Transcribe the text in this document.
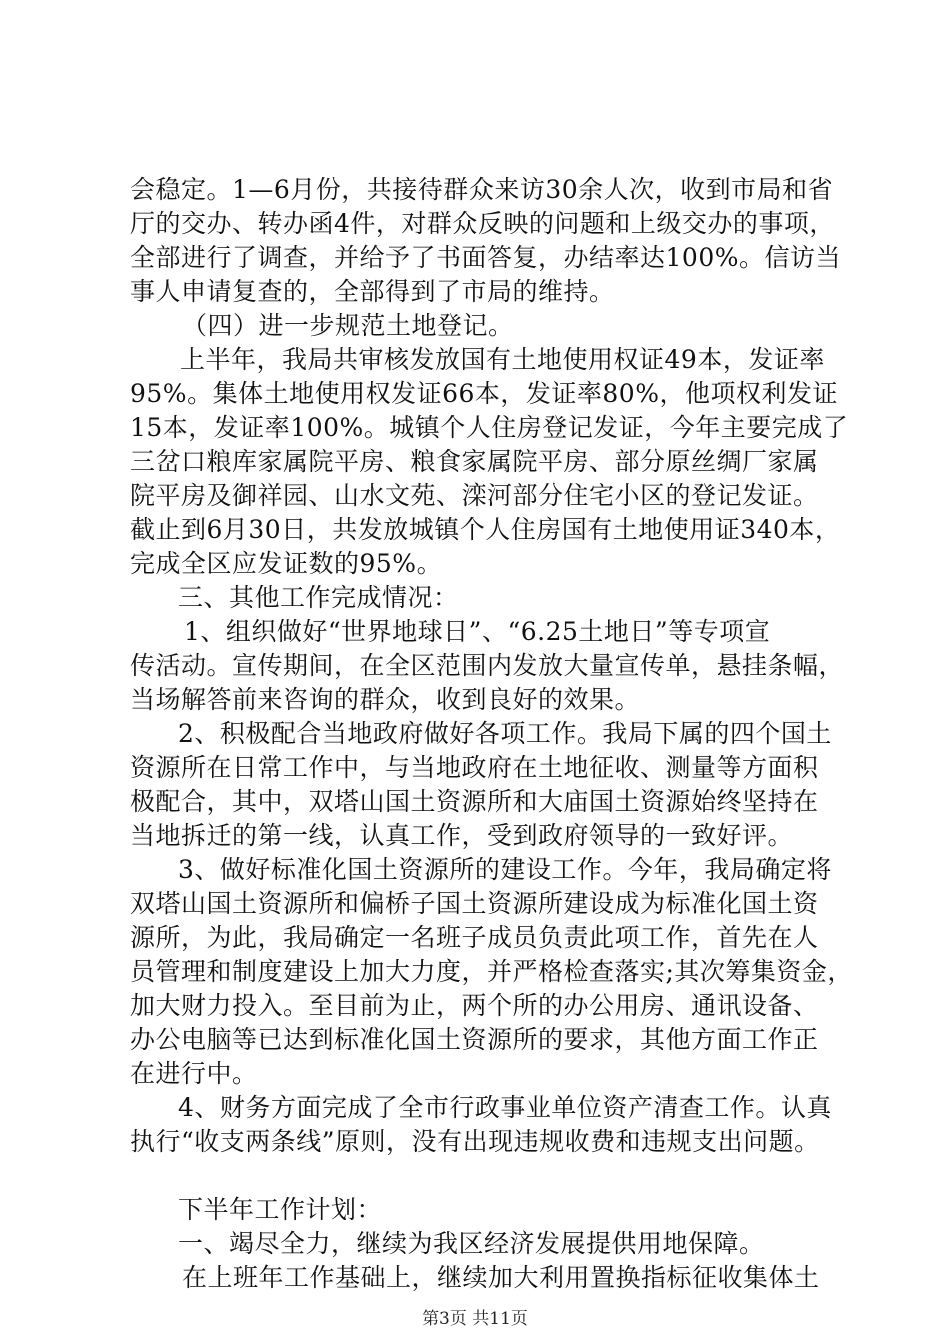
会稳定。1—6月份，共接待群众来访30余人次，收到市局和省
厅的交办、转办函4件，对群众反映的问题和上级交办的事项，
全部进行了调查，并给予了书面答复，办结率达100%。信访当
事人申请复查的，全部得到了市局的维持。
（四）进一步规范土地登记。
上半年，我局共审核发放国有土地使用权证49本，发证率
95%。集体土地使用权发证66本，发证率80%，他项权利发证
15本，发证率100%。城镇个人住房登记发证，今年主要完成了
三岔口粮库家属院平房、粮食家属院平房、部分原丝绸厂家属
院平房及御祥园、山水文苑、滦河部分住宅小区的登记发证。
截止到6月30日，共发放城镇个人住房国有土地使用证340本，
完成全区应发证数的95%。
三、其他工作完成情况：
1、组织做好“世界地球日”、“6.25土地日”等专项宣
传活动。宣传期间，在全区范围内发放大量宣传单，悬挂条幅，
当场解答前来咨询的群众，收到良好的效果。
2、积极配合当地政府做好各项工作。我局下属的四个国土
资源所在日常工作中，与当地政府在土地征收、测量等方面积
极配合，其中，双塔山国土资源所和大庙国土资源始终坚持在
当地拆迁的第一线，认真工作，受到政府领导的一致好评。
3、做好标准化国土资源所的建设工作。今年，我局确定将
双塔山国土资源所和偏桥子国土资源所建设成为标准化国土资
源所，为此，我局确定一名班子成员负责此项工作，首先在人
员管理和制度建设上加大力度，并严格检查落实;其次筹集资金，
加大财力投入。至目前为止，两个所的办公用房、通讯设备、
办公电脑等已达到标准化国土资源所的要求，其他方面工作正
在进行中。
4、财务方面完成了全市行政事业单位资产清查工作。认真
执行“收支两条线”原则，没有出现违规收费和违规支出问题。
下半年工作计划：
一、竭尽全力，继续为我区经济发展提供用地保障。
在上班年工作基础上，继续加大利用置换指标征收集体土
第3页 共11页
